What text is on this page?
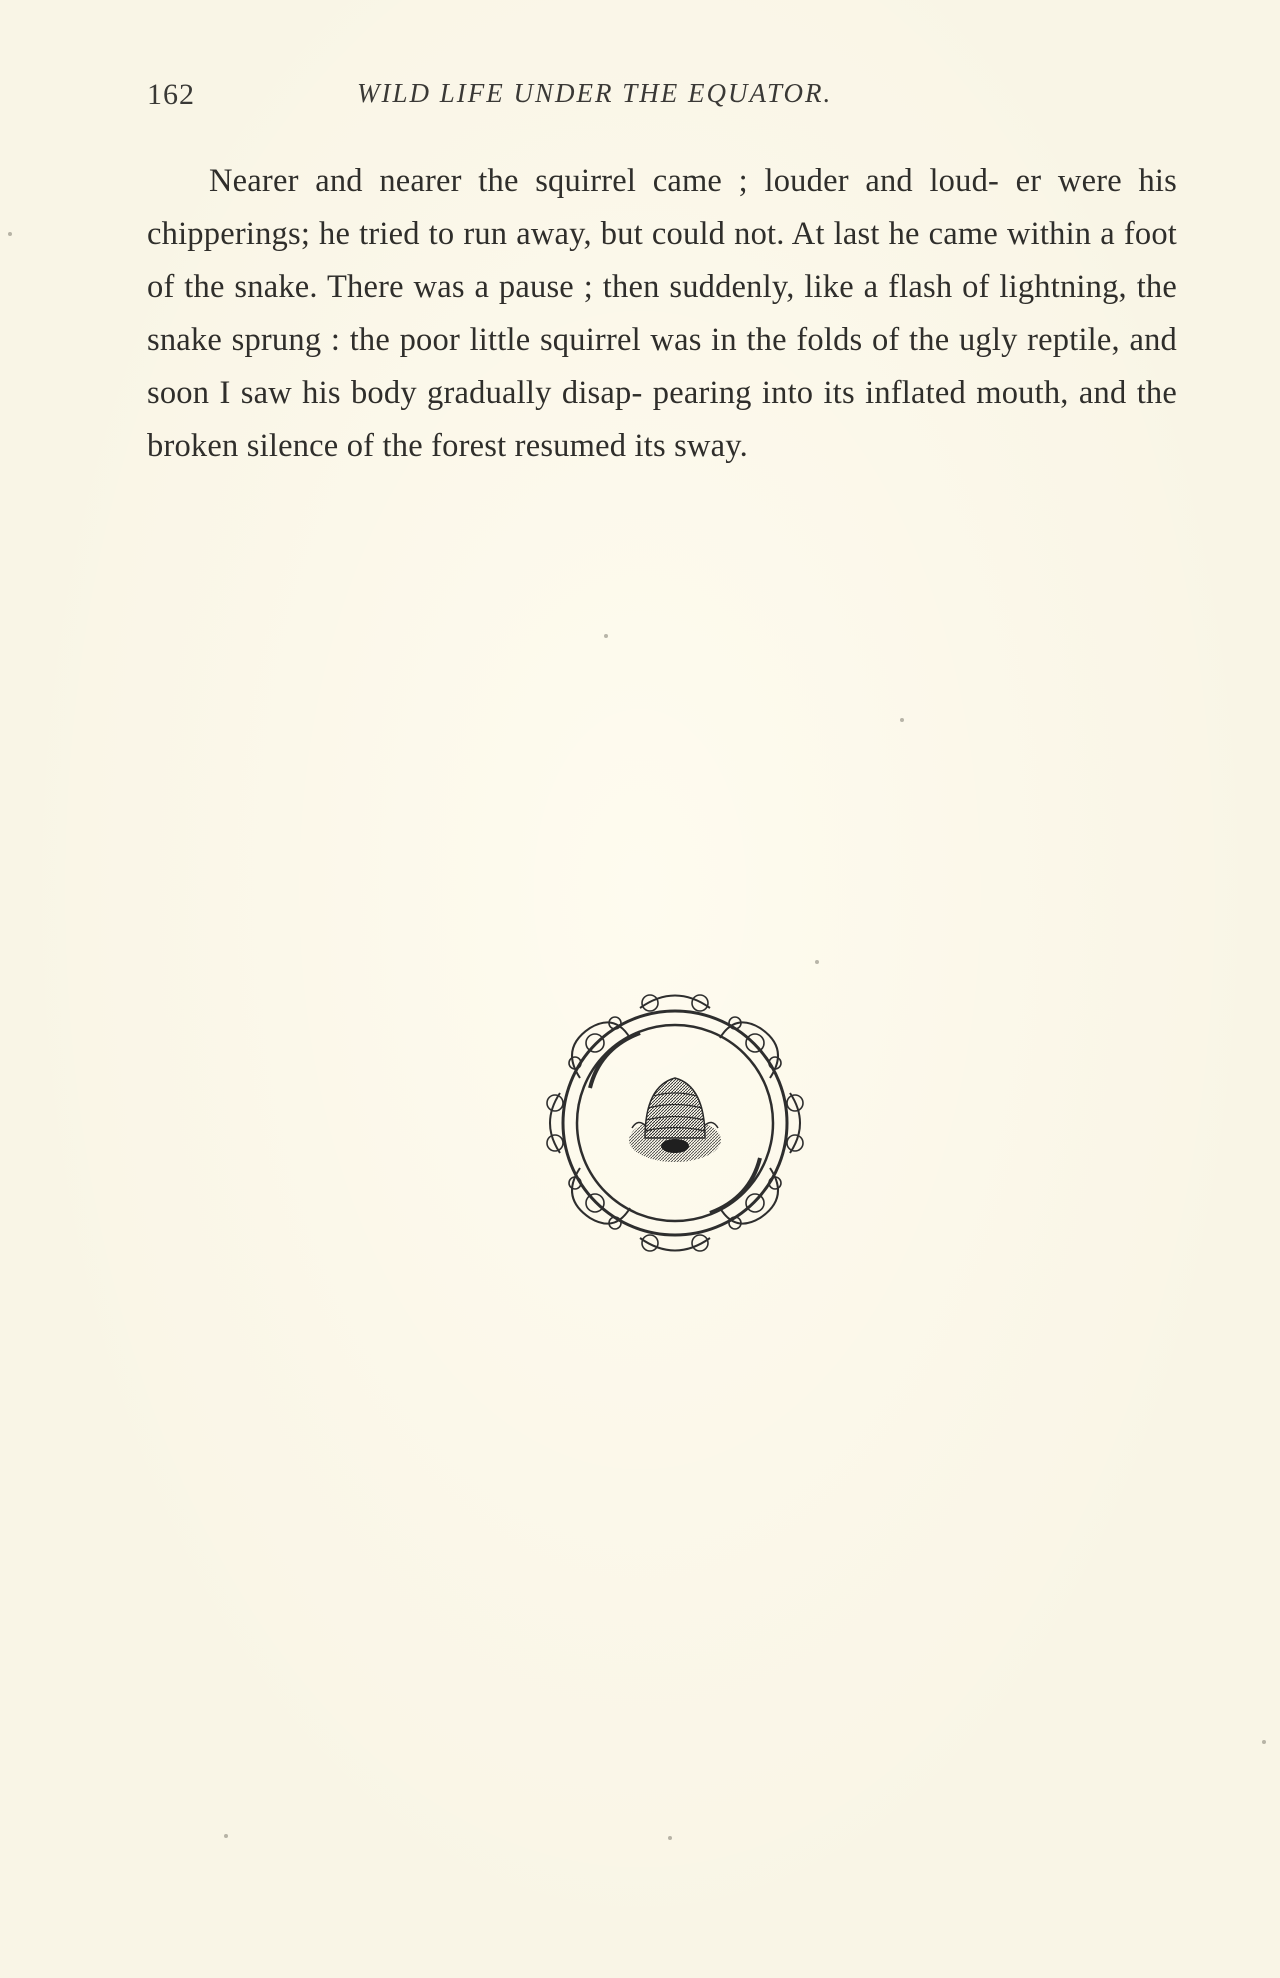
162	WILD LIFE UNDER THE EQUATOR.

Nearer and nearer the squirrel came ; louder and loud- er were his chipperings; he tried to run away, but could not. At last he came within a foot of the snake. There was a pause ; then suddenly, like a flash of lightning, the snake sprung : the poor little squirrel was in the folds of the ugly reptile, and soon I saw his body gradually disap- pearing into its inflated mouth, and the broken silence of the forest resumed its sway.
